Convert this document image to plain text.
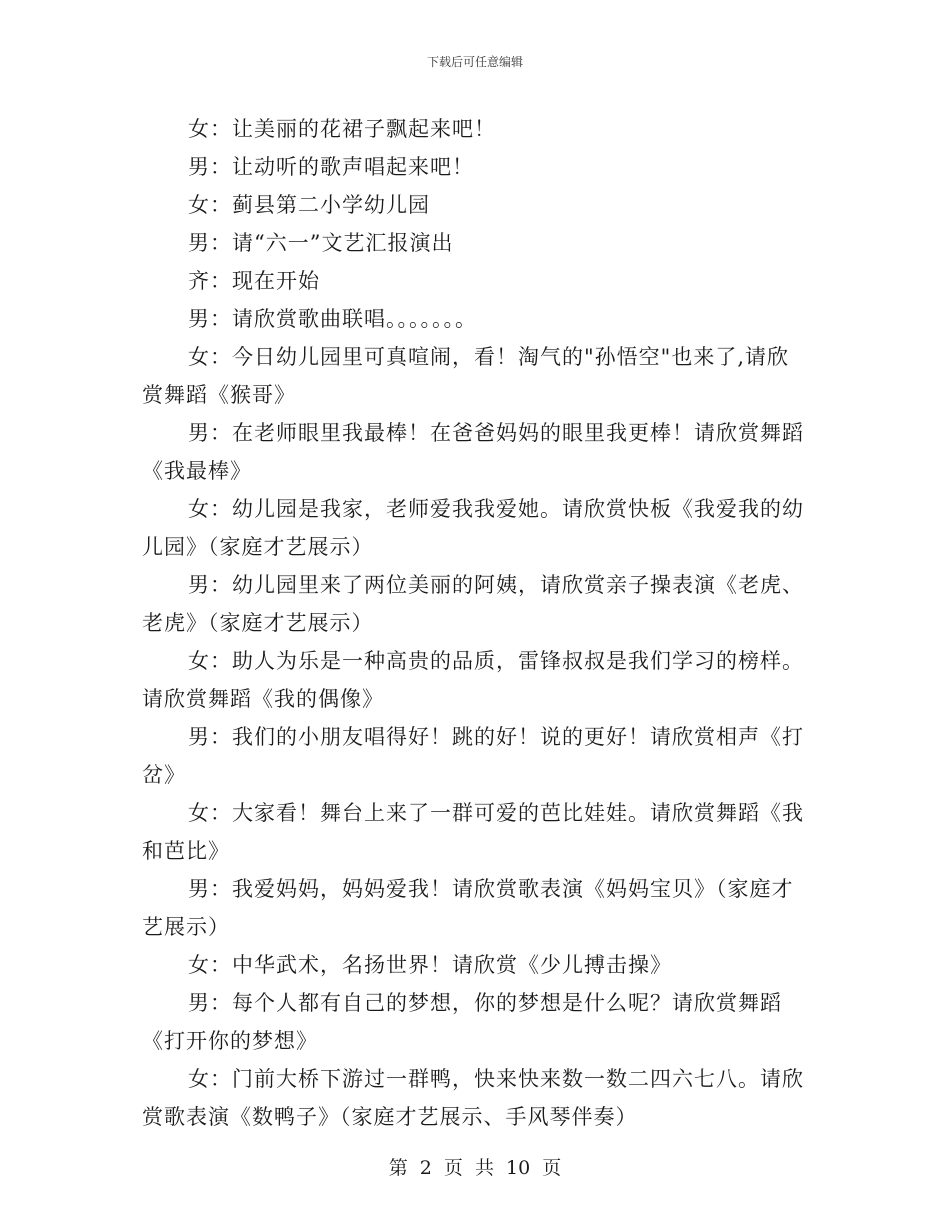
下载后可任意编辑

女：让美丽的花裙子飘起来吧！

男：让动听的歌声唱起来吧！

女：蓟县第二小学幼儿园

男：请“六一”文艺汇报演出

齐：现在开始

男：请欣赏歌曲联唱。。。。。。。

女：今日幼儿园里可真喧闹，看！淘气的"孙悟空"也来了,请欣赏舞蹈《猴哥》

男：在老师眼里我最棒！在爸爸妈妈的眼里我更棒！请欣赏舞蹈《我最棒》

女：幼儿园是我家，老师爱我我爱她。请欣赏快板《我爱我的幼儿园》（家庭才艺展示）

男：幼儿园里来了两位美丽的阿姨，请欣赏亲子操表演《老虎、老虎》（家庭才艺展示）

女：助人为乐是一种高贵的品质，雷锋叔叔是我们学习的榜样。请欣赏舞蹈《我的偶像》

男：我们的小朋友唱得好！跳的好！说的更好！请欣赏相声《打岔》

女：大家看！舞台上来了一群可爱的芭比娃娃。请欣赏舞蹈《我和芭比》

男：我爱妈妈，妈妈爱我！请欣赏歌表演《妈妈宝贝》（家庭才艺展示）

女：中华武术，名扬世界！请欣赏《少儿搏击操》

男：每个人都有自己的梦想，你的梦想是什么呢？请欣赏舞蹈《打开你的梦想》

女：门前大桥下游过一群鸭，快来快来数一数二四六七八。请欣赏歌表演《数鸭子》（家庭才艺展示、手风琴伴奏）

第 2 页 共 10 页
